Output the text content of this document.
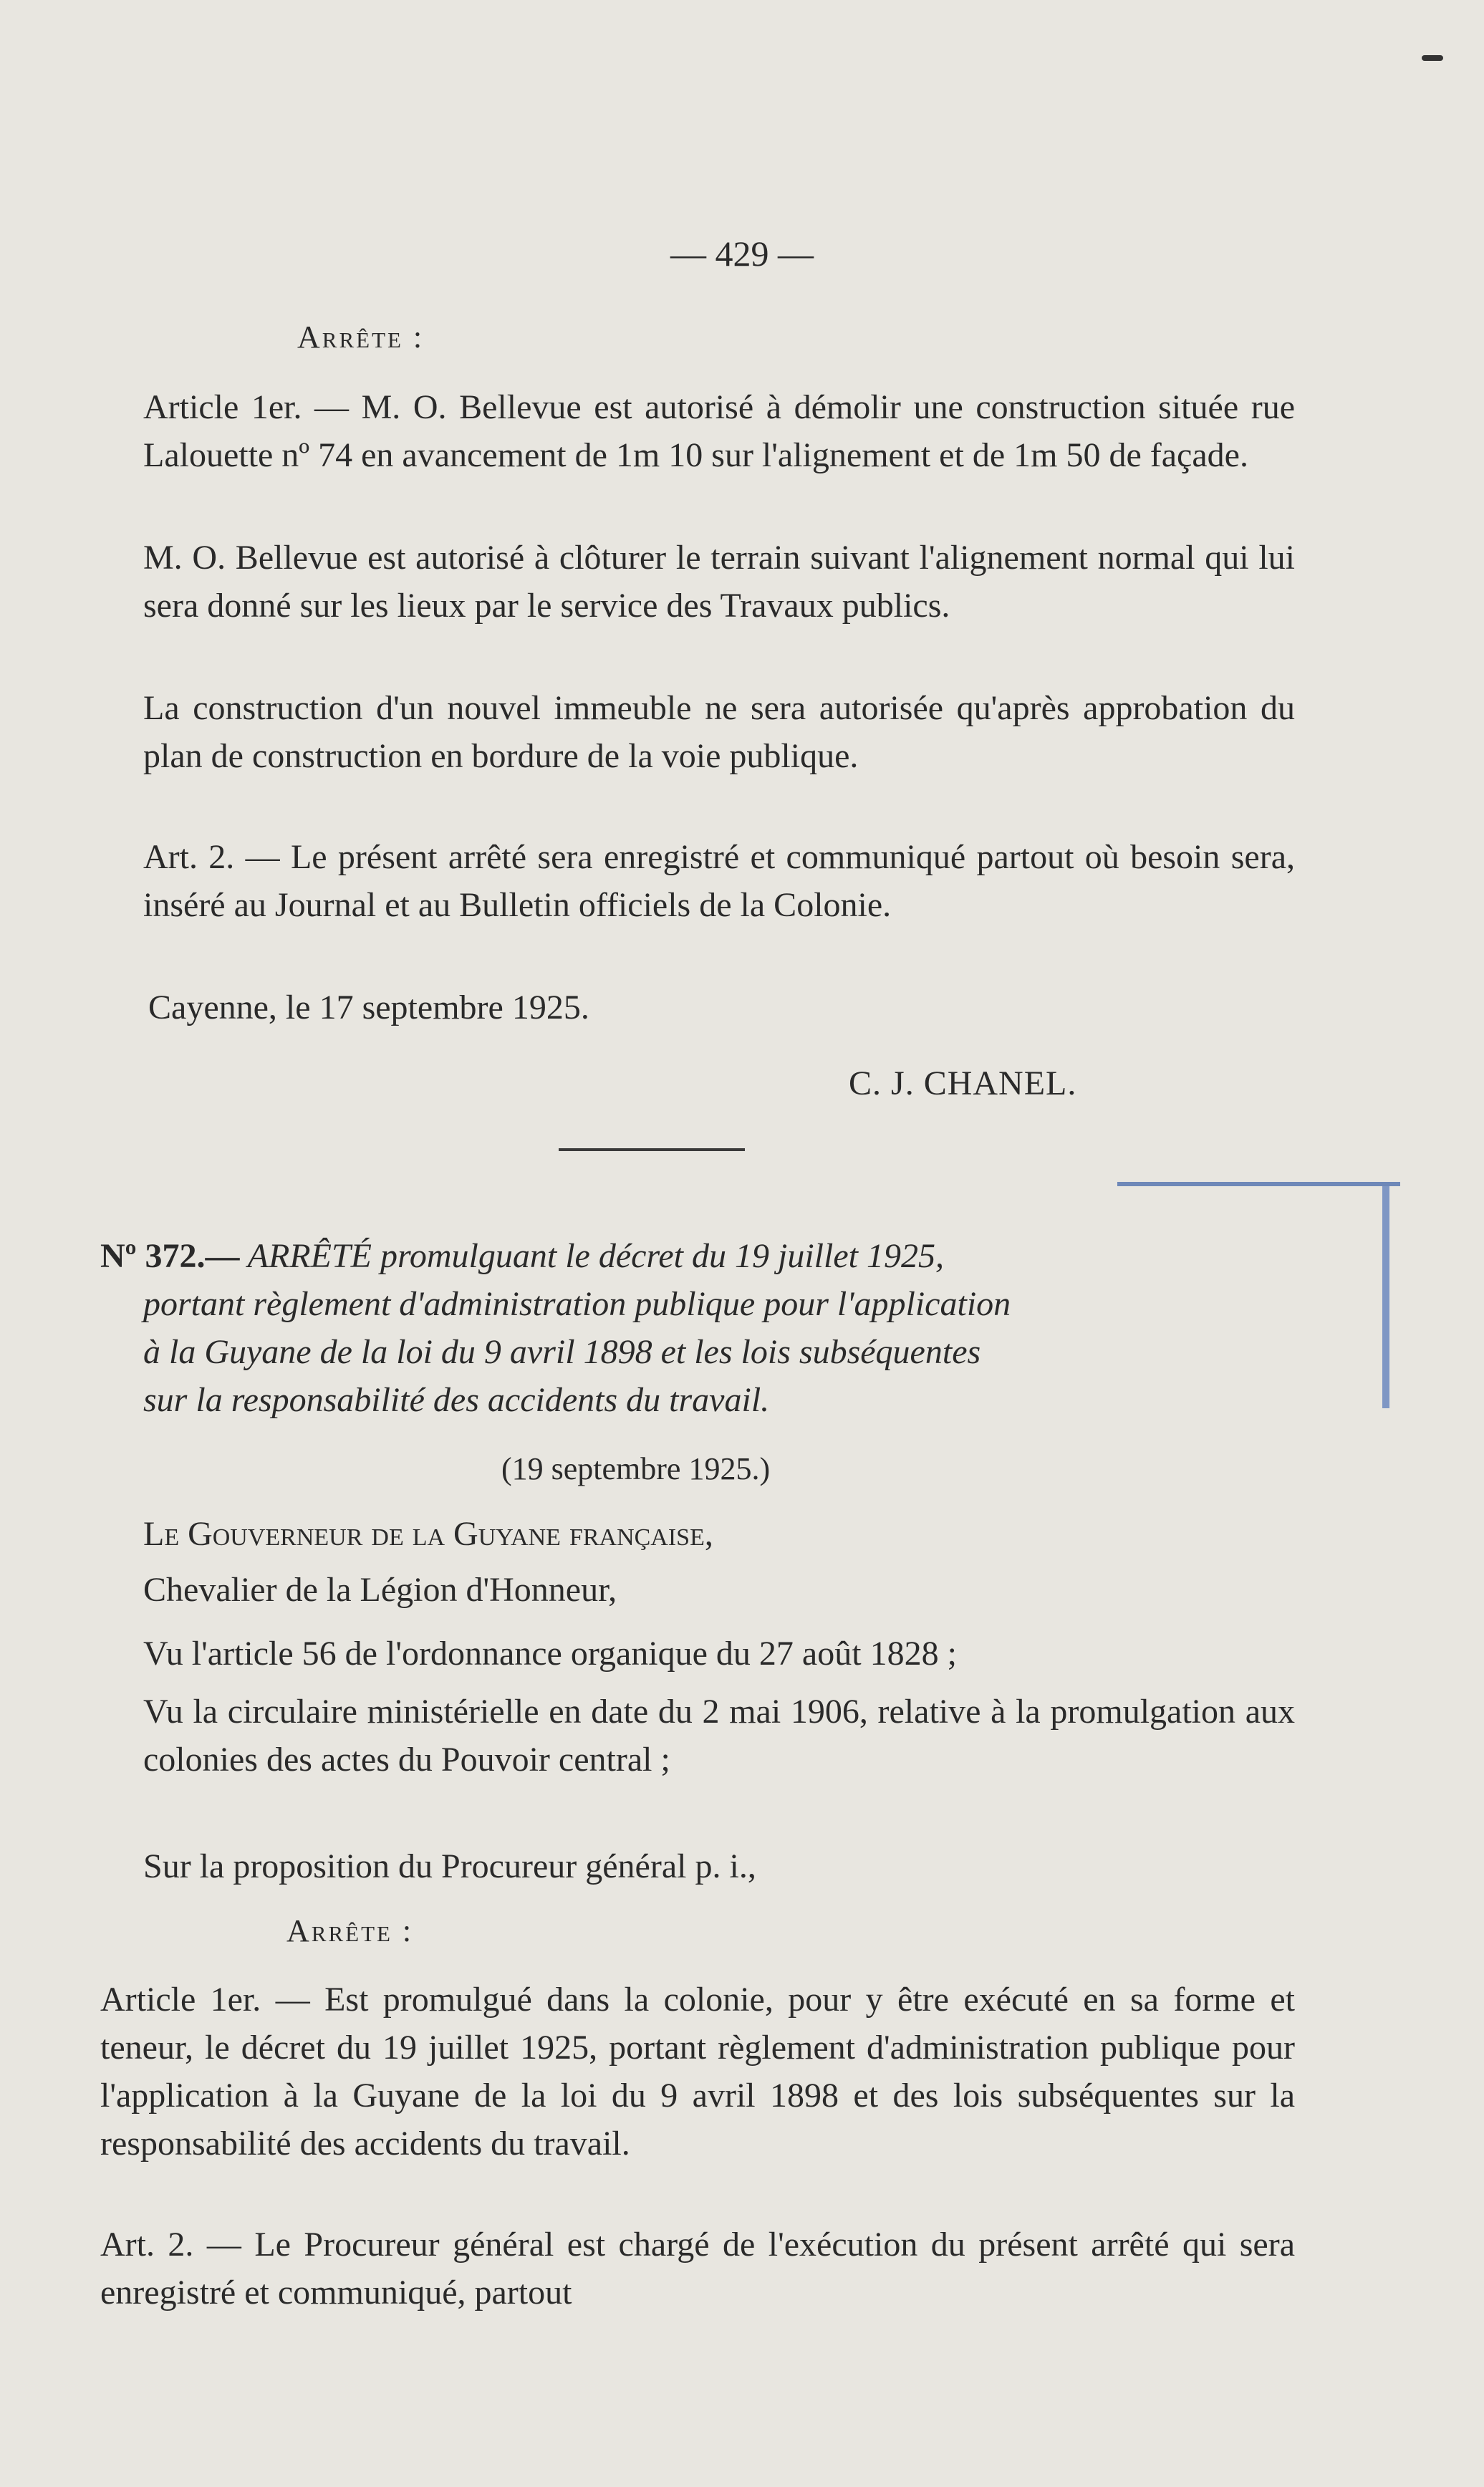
— 429 —
Arrête :

Article 1er. — M. O. Bellevue est autorisé à démolir une construction située rue Lalouette nº 74 en avancement de 1m 10 sur l'alignement et de 1m 50 de façade.

M. O. Bellevue est autorisé à clôturer le terrain suivant l'alignement normal qui lui sera donné sur les lieux par le service des Travaux publics.

La construction d'un nouvel immeuble ne sera autorisée qu'après approbation du plan de construction en bordure de la voie publique.

Art. 2. — Le présent arrêté sera enregistré et communiqué partout où besoin sera, inséré au Journal et au Bulletin officiels de la Colonie.

Cayenne, le 17 septembre 1925.

C. J. CHANEL.

Nº 372.— ARRÊTÉ promulguant le décret du 19 juillet 1925,

portant règlement d'administration publique pour l'application

à la Guyane de la loi du 9 avril 1898 et les lois subséquentes

sur la responsabilité des accidents du travail.

(19 septembre 1925.)

Le Gouverneur de la Guyane française,

Chevalier de la Légion d'Honneur,

Vu l'article 56 de l'ordonnance organique du 27 août 1828 ;

Vu la circulaire ministérielle en date du 2 mai 1906, relative à la promulgation aux colonies des actes du Pouvoir central ;

Sur la proposition du Procureur général p. i.,

Arrête :

Article 1er. — Est promulgué dans la colonie, pour y être exécuté en sa forme et teneur, le décret du 19 juillet 1925, portant règlement d'administration publique pour l'application à la Guyane de la loi du 9 avril 1898 et des lois subséquentes sur la responsabilité des accidents du travail.

Art. 2. — Le Procureur général est chargé de l'exécution du présent arrêté qui sera enregistré et communiqué, partout
